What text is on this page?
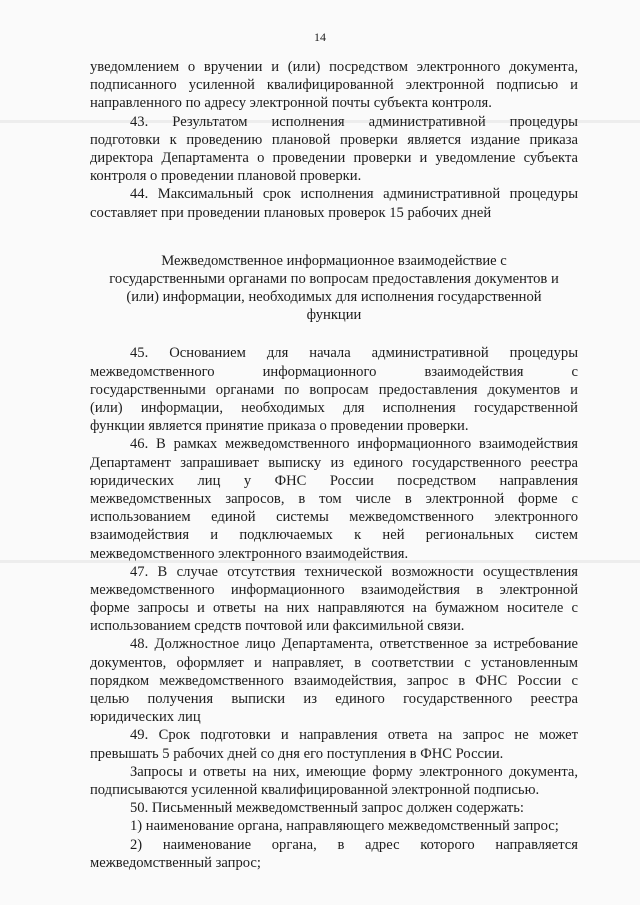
14
уведомлением о вручении и (или) посредством электронного документа,
подписанного усиленной квалифицированной электронной подписью и
направленного по адресу электронной почты субъекта контроля.
43. Результатом исполнения административной процедуры
подготовки к проведению плановой проверки является издание приказа
директора Департамента о проведении проверки и уведомление субъекта
контроля о проведении плановой проверки.
44. Максимальный срок исполнения административной процедуры
составляет при проведении плановых проверок 15 рабочих дней
Межведомственное информационное взаимодействие с
государственными органами по вопросам предоставления документов и
(или) информации, необходимых для исполнения государственной
функции
45. Основанием для начала административной процедуры
межведомственного информационного взаимодействия с
государственными органами по вопросам предоставления документов и
(или) информации, необходимых для исполнения государственной
функции является принятие приказа о проведении проверки.
46. В рамках межведомственного информационного взаимодействия
Департамент запрашивает выписку из единого государственного реестра
юридических лиц у ФНС России посредством направления
межведомственных запросов, в том числе в электронной форме с
использованием единой системы межведомственного электронного
взаимодействия и подключаемых к ней региональных систем
межведомственного электронного взаимодействия.
47. В случае отсутствия технической возможности осуществления
межведомственного информационного взаимодействия в электронной
форме запросы и ответы на них направляются на бумажном носителе с
использованием средств почтовой или факсимильной связи.
48. Должностное лицо Департамента, ответственное за истребование
документов, оформляет и направляет, в соответствии с установленным
порядком межведомственного взаимодействия, запрос в ФНС России с
целью получения выписки из единого государственного реестра
юридических лиц
49. Срок подготовки и направления ответа на запрос не может
превышать 5 рабочих дней со дня его поступления в ФНС России.
Запросы и ответы на них, имеющие форму электронного документа,
подписываются усиленной квалифицированной электронной подписью.
50. Письменный межведомственный запрос должен содержать:
1) наименование органа, направляющего межведомственный запрос;
2) наименование органа, в адрес которого направляется
межведомственный запрос;
